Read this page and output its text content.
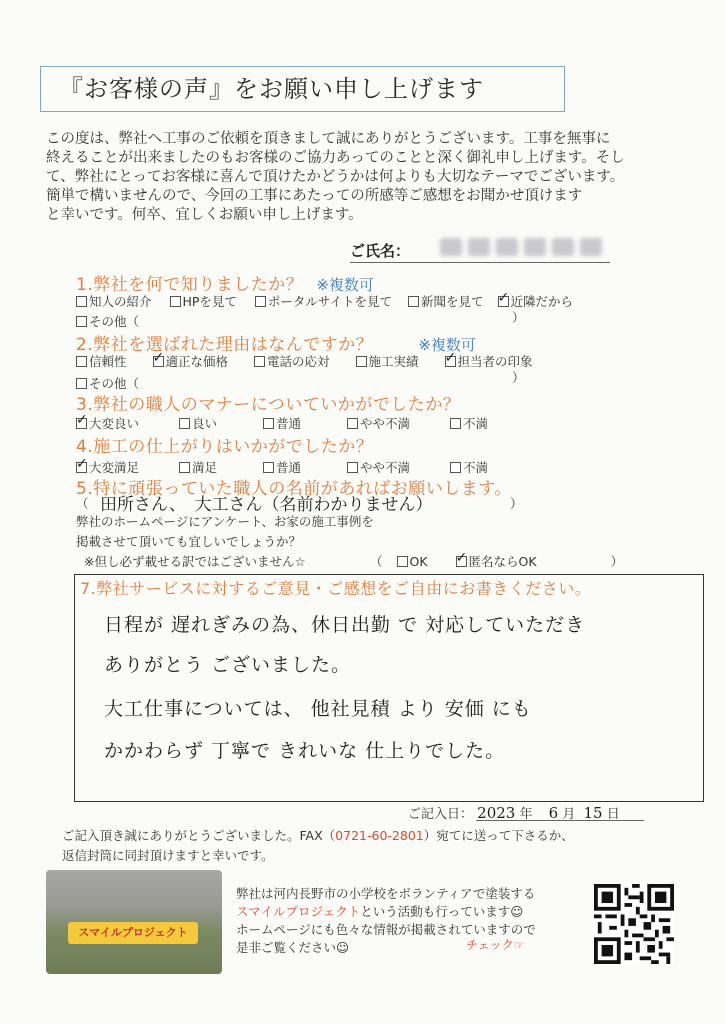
『お客様の声』をお願い申し上げます
この度は、弊社へ工事のご依頼を頂きまして誠にありがとうございます。工事を無事に
終えることが出来ましたのもお客様のご協力あってのことと深く御礼申し上げます。そし
て、弊社にとってお客様に喜んで頂けたかどうかは何よりも大切なテーマでございます。
簡単で構いませんので、今回の工事にあたっての所感等ご感想をお聞かせ頂けます
と幸いです。何卒、宜しくお願い申し上げます。
ご氏名：
1.弊社を何で知りましたか？ ※複数可
知人の紹介 HPを見て ポータルサイトを見て 新聞を見て ✓ 近隣だから
その他（	）
2.弊社を選ばれた理由はなんですか？	※複数可
信頼性 ✓	適正な価格	電話の応対	施工実績 ✓	担当者の印象
その他（	）
3.弊社の職人のマナーについていかがでしたか？
✓大変良い	良い	普通	やや不満	不満
4.施工の仕上がりはいかがでしたか？
✓大変満足	満足	普通	やや不満	不満
5.特に頑張っていた職人の名前があればお願いします。
（ 田所さん、　大工さん（名前わかりません）	）
弊社のホームページにアンケート、お家の施工事例を
掲載させて頂いても宜しいでしょうか？
※但し必ず載せる訳ではございません☆	（ OK ✓	匿名ならOK	）
7.弊社サービスに対するご意見・ご感想をご自由にお書きください。
日程が 遅れぎみの為、休日出勤 で 対応していただき
ありがとう ございました。
大工仕事については、 他社見積 より 安価 にも
かかわらず 丁寧で きれいな 仕上りでした。
ご記入日： 2023 年 6 月 15 日
ご記入頂き誠にありがとうございました。FAX（0721-60-2801）宛てに送って下さるか、
返信封筒に同封頂けますと幸いです。
スマイルプロジェクト
弊社は河内長野市の小学校をボランティアで塗装する
スマイルプロジェクトという活動も行っています☺
ホームページにも色々な情報が掲載されていますので
是非ご覧ください☺	チェック☞
